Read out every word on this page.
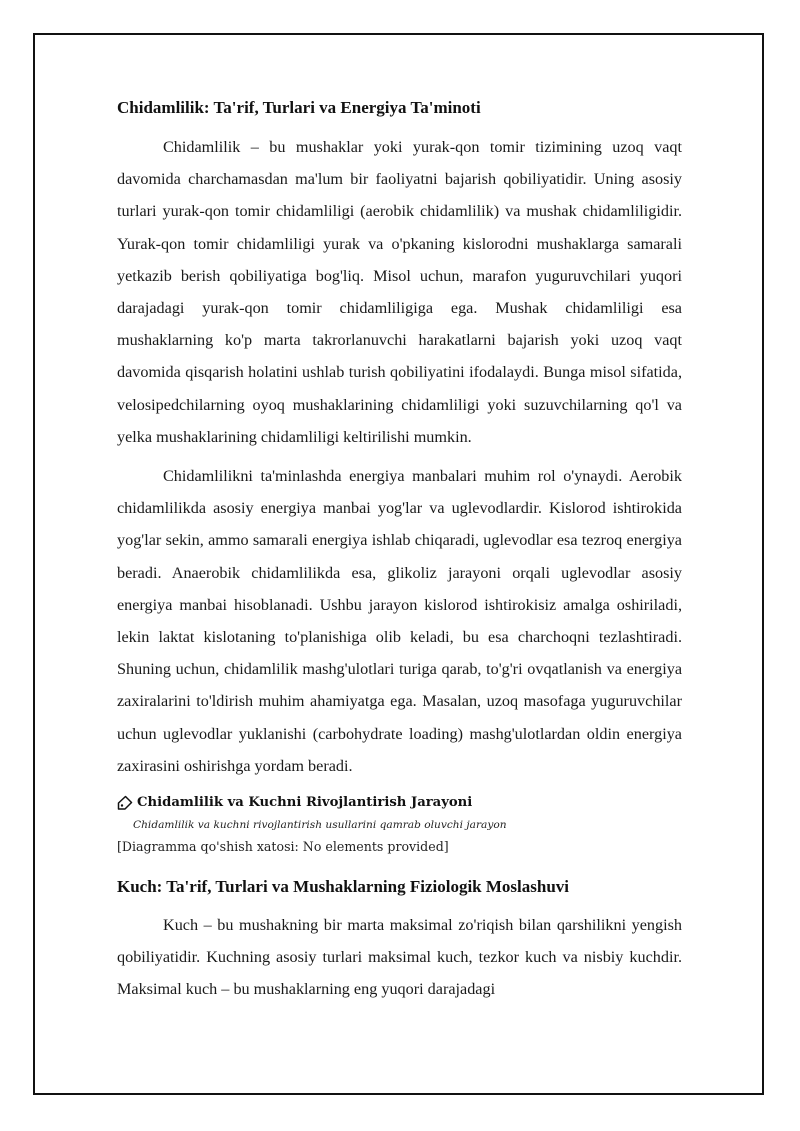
Chidamlilik: Ta'rif, Turlari va Energiya Ta'minoti

Chidamlilik – bu mushaklar yoki yurak-qon tomir tizimining uzoq vaqt davomida charchamasdan ma'lum bir faoliyatni bajarish qobiliyatidir. Uning asosiy turlari yurak-qon tomir chidamliligi (aerobik chidamlilik) va mushak chidamliligidir. Yurak-qon tomir chidamliligi yurak va o'pkaning kislorodni mushaklarga samarali yetkazib berish qobiliyatiga bog'liq. Misol uchun, marafon yuguruvchilari yuqori darajadagi yurak-qon tomir chidamliligiga ega. Mushak chidamliligi esa mushaklarning ko'p marta takrorlanuvchi harakatlarni bajarish yoki uzoq vaqt davomida qisqarish holatini ushlab turish qobiliyatini ifodalaydi. Bunga misol sifatida, velosipedchilarning oyoq mushaklarining chidamliligi yoki suzuvchilarning qo'l va yelka mushaklarining chidamliligi keltirilishi mumkin.

Chidamlilikni ta'minlashda energiya manbalari muhim rol o'ynaydi. Aerobik chidamlilikda asosiy energiya manbai yog'lar va uglevodlardir. Kislorod ishtirokida yog'lar sekin, ammo samarali energiya ishlab chiqaradi, uglevodlar esa tezroq energiya beradi. Anaerobik chidamlilikda esa, glikoliz jarayoni orqali uglevodlar asosiy energiya manbai hisoblanadi. Ushbu jarayon kislorod ishtirokisiz amalga oshiriladi, lekin laktat kislotaning to'planishiga olib keladi, bu esa charchoqni tezlashtiradi. Shuning uchun, chidamlilik mashg'ulotlari turiga qarab, to'g'ri ovqatlanish va energiya zaxiralarini to'ldirish muhim ahamiyatga ega. Masalan, uzoq masofaga yuguruvchilar uchun uglevodlar yuklanishi (carbohydrate loading) mashg'ulotlardan oldin energiya zaxirasini oshirishga yordam beradi.

Chidamlilik va Kuchni Rivojlantirish Jarayoni
Chidamlilik va kuchni rivojlantirish usullarini qamrab oluvchi jarayon
[Diagramma qo'shish xatosi: No elements provided]
Kuch: Ta'rif, Turlari va Mushaklarning Fiziologik Moslashuvi

Kuch – bu mushakning bir marta maksimal zo'riqish bilan qarshilikni yengish qobiliyatidir. Kuchning asosiy turlari maksimal kuch, tezkor kuch va nisbiy kuchdir. Maksimal kuch – bu mushaklarning eng yuqori darajadagi
